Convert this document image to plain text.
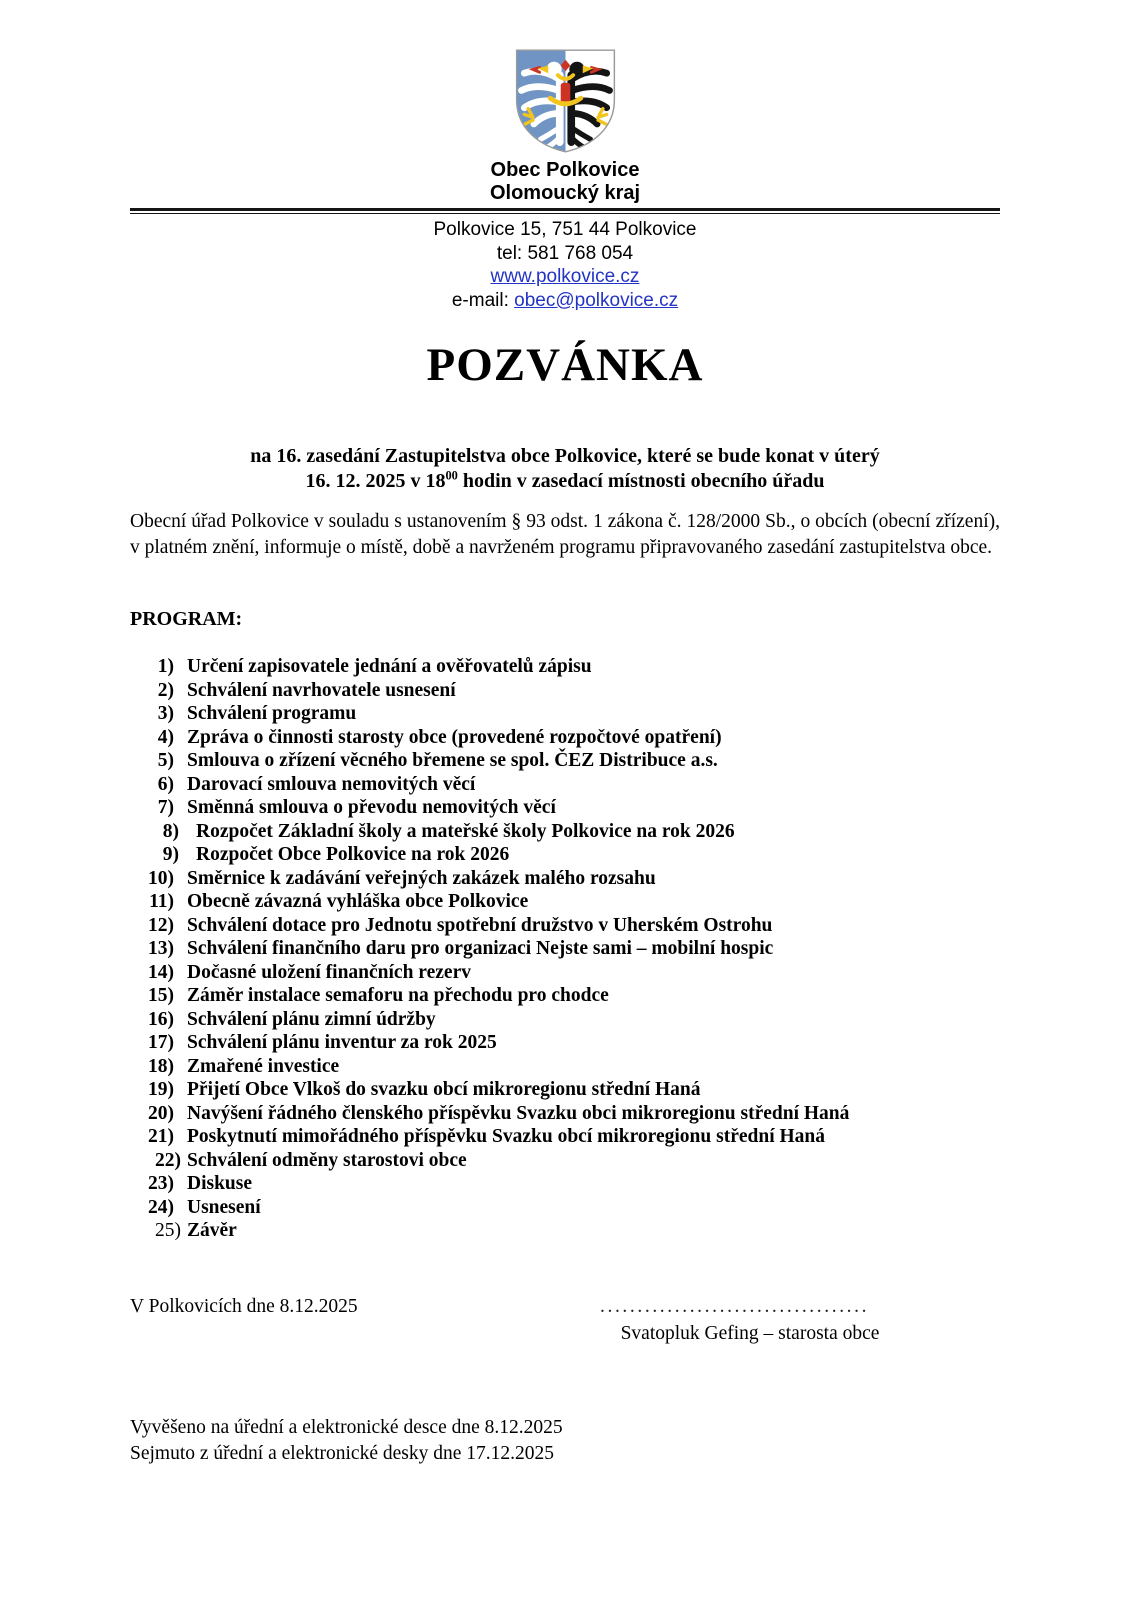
Obec Polkovice
Olomoucký kraj
Polkovice 15, 751 44 Polkovice
tel: 581 768 054
www.polkovice.cz
e-mail: obec@polkovice.cz
POZVÁNKA
na 16. zasedání Zastupitelstva obce Polkovice, které se bude konat v úterý
16. 12. 2025 v $18^{00}$ hodin v zasedací místnosti obecního úřadu

Obecní úřad Polkovice v souladu s ustanovením § 93 odst. 1 zákona č. 128/2000 Sb., o obcích (obecní zřízení), v platném znění, informuje o místě, době a navrženém programu připravovaného zasedání zastupitelstva obce.

PROGRAM:
1) Určení zapisovatele jednání a ověřovatelů zápisu
2) Schválení navrhovatele usnesení
3) Schválení programu
4) Zpráva o činnosti starosty obce (provedené rozpočtové opatření)
5) Smlouva o zřízení věcného břemene se spol. ČEZ Distribuce a.s.
6) Darovací smlouva nemovitých věcí
7) Směnná smlouva o převodu nemovitých věcí
8) Rozpočet Základní školy a mateřské školy Polkovice na rok 2026
9) Rozpočet Obce Polkovice na rok 2026
10) Směrnice k zadávání veřejných zakázek malého rozsahu
11) Obecně závazná vyhláška obce Polkovice
12) Schválení dotace pro Jednotu spotřební družstvo v Uherském Ostrohu
13) Schválení finančního daru pro organizaci Nejste sami – mobilní hospic
14) Dočasné uložení finančních rezerv
15) Záměr instalace semaforu na přechodu pro chodce
16) Schválení plánu zimní údržby
17) Schválení plánu inventur za rok 2025
18) Zmařené investice
19) Přijetí Obce Vlkoš do svazku obcí mikroregionu střední Haná
20) Navýšení řádného členského příspěvku Svazku obci mikroregionu střední Haná
21) Poskytnutí mimořádného příspěvku Svazku obcí mikroregionu střední Haná
22) Schválení odměny starostovi obce
23) Diskuse
24) Usnesení
25) Závěr
V Polkovicích dne 8.12.2025	....................................
Svatopluk Gefing – starosta obce
Vyvěšeno na úřední a elektronické desce dne 8.12.2025
Sejmuto z úřední a elektronické desky dne 17.12.2025
